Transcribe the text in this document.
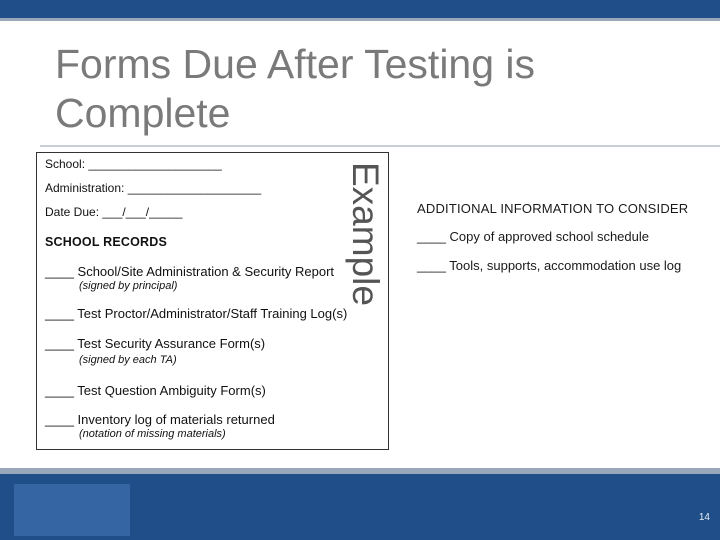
Forms Due After Testing is Complete
School: ____________________
Administration: ____________________
Date Due: ___/___/_____
SCHOOL RECORDS
____ School/Site Administration & Security Report
(signed by principal)
____ Test Proctor/Administrator/Staff Training Log(s)
____ Test Security Assurance Form(s)
(signed by each TA)
____ Test Question Ambiguity Form(s)
____ Inventory log of materials returned
(notation of missing materials)
Example ADDITIONAL INFORMATION TO CONSIDER
____ Copy of approved school schedule
____ Tools, supports, accommodation use log
14
